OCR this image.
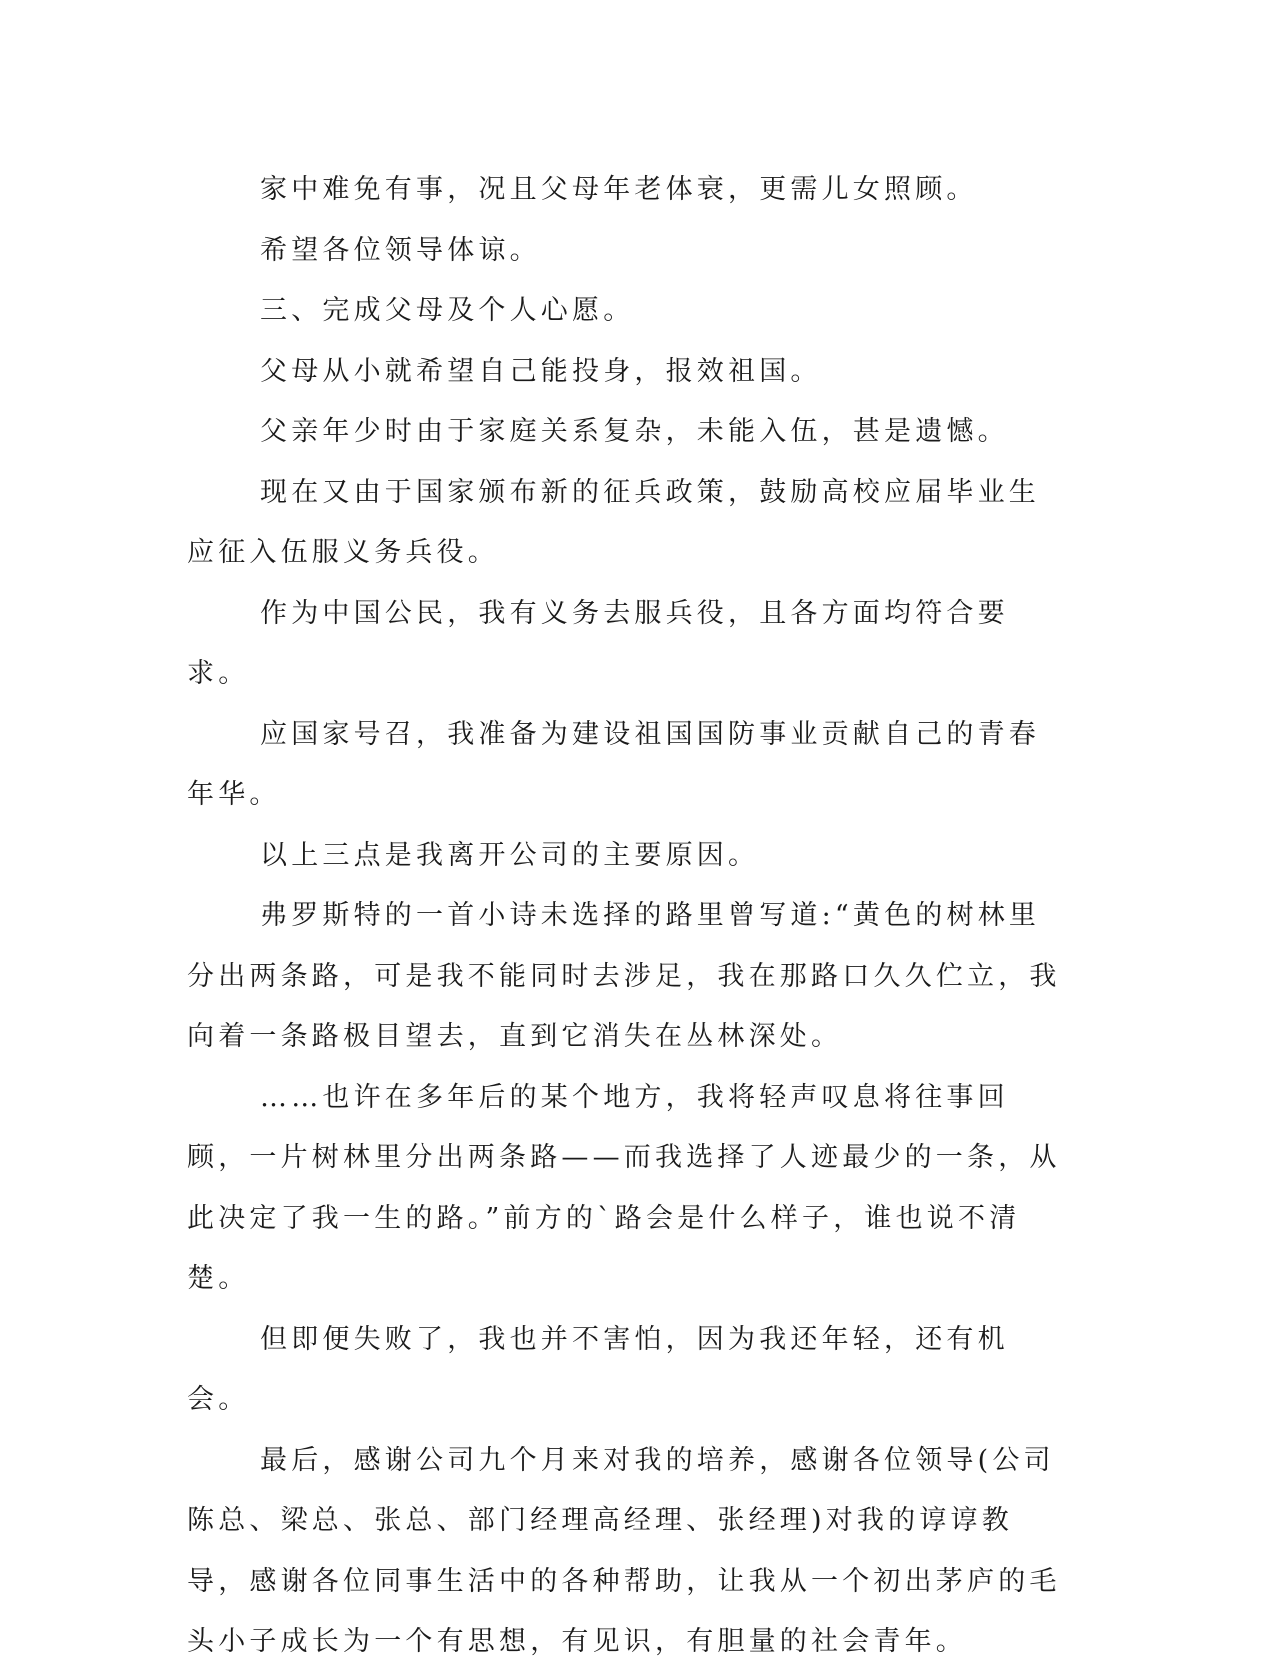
家中难免有事，况且父母年老体衰，更需儿女照顾。

希望各位领导体谅。

三、完成父母及个人心愿。

父母从小就希望自己能投身，报效祖国。

父亲年少时由于家庭关系复杂，未能入伍，甚是遗憾。

现在又由于国家颁布新的征兵政策，鼓励高校应届毕业生应征入伍服义务兵役。

作为中国公民，我有义务去服兵役，且各方面均符合要求。

应国家号召，我准备为建设祖国国防事业贡献自己的青春年华。

以上三点是我离开公司的主要原因。

弗罗斯特的一首小诗未选择的路里曾写道:“黄色的树林里分出两条路，可是我不能同时去涉足，我在那路口久久伫立，我向着一条路极目望去，直到它消失在丛林深处。

……也许在多年后的某个地方，我将轻声叹息将往事回顾，一片树林里分出两条路——而我选择了人迹最少的一条，从此决定了我一生的路。”前方的`路会是什么样子，谁也说不清楚。

但即便失败了，我也并不害怕，因为我还年轻，还有机会。

最后，感谢公司九个月来对我的培养，感谢各位领导(公司陈总、梁总、张总、部门经理高经理、张经理)对我的谆谆教导，感谢各位同事生活中的各种帮助，让我从一个初出茅庐的毛头小子成长为一个有思想，有见识，有胆量的社会青年。
